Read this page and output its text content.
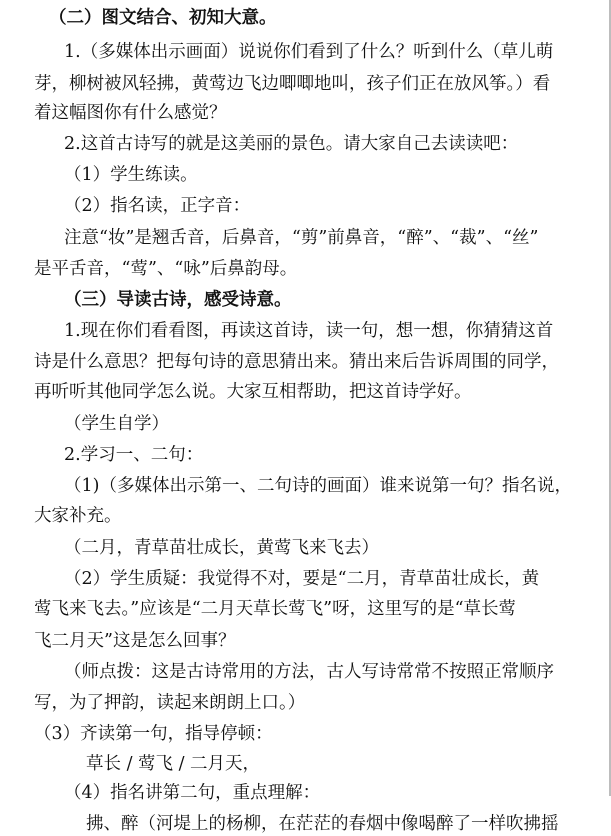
（二）图文结合、初知大意。
1.（多媒体出示画面）说说你们看到了什么？听到什么（草儿萌
芽，柳树被风轻拂，黄莺边飞边唧唧地叫，孩子们正在放风筝。）看
着这幅图你有什么感觉？
2.这首古诗写的就是这美丽的景色。请大家自己去读读吧：
（1）学生练读。
（2）指名读，正字音：
注意“妆”是翘舌音，后鼻音，“剪”前鼻音，“醉”、“裁”、“丝”
是平舌音，“莺”、“咏”后鼻韵母。
（三）导读古诗，感受诗意。
1.现在你们看看图，再读这首诗，读一句，想一想，你猜猜这首
诗是什么意思？把每句诗的意思猜出来。猜出来后告诉周围的同学，
再听听其他同学怎么说。大家互相帮助，把这首诗学好。
（学生自学）
2.学习一、二句：
（1)（多媒体出示第一、二句诗的画面）谁来说第一句？指名说，
大家补充。
（二月，青草苗壮成长，黄莺飞来飞去）
（2）学生质疑：我觉得不对，要是“二月，青草苗壮成长，黄
莺飞来飞去。”应该是“二月天草长莺飞”呀，这里写的是“草长莺
飞二月天”这是怎么回事？
（师点拨：这是古诗常用的方法，古人写诗常常不按照正常顺序
写，为了押韵，读起来朗朗上口。）
（3）齐读第一句，指导停顿：
草长 / 莺飞 / 二月天，
（4）指名讲第二句，重点理解：
拂、醉（河堤上的杨柳，在茫茫的春烟中像喝醉了一样吹拂摇
